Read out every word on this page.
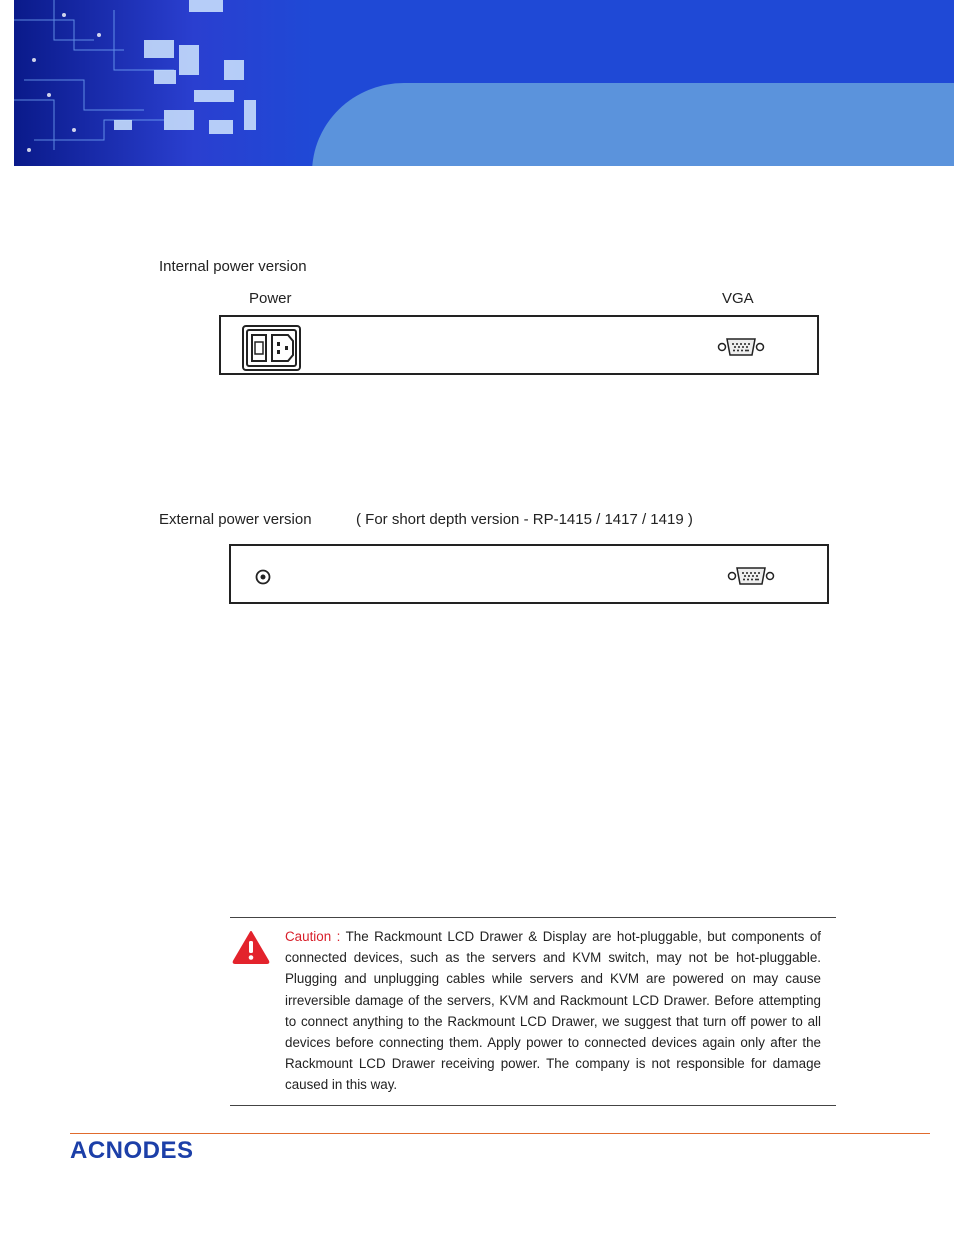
Internal power version
Power	VGA
External power version	( For short depth version - RP-1415 / 1417 / 1419 )
Caution : The Rackmount LCD Drawer & Display are hot-pluggable, but components of connected devices, such as the servers and KVM switch, may not be hot-pluggable. Plugging and unplugging cables while servers and KVM are powered on may cause irreversible damage of the servers, KVM and Rackmount LCD Drawer. Before attempting to connect anything to the Rackmount LCD Drawer, we suggest that turn off power to all devices before connecting them. Apply power to connected devices again only after the Rackmount LCD Drawer receiving power. The company is not responsible for damage caused in this way.
ACNODES
